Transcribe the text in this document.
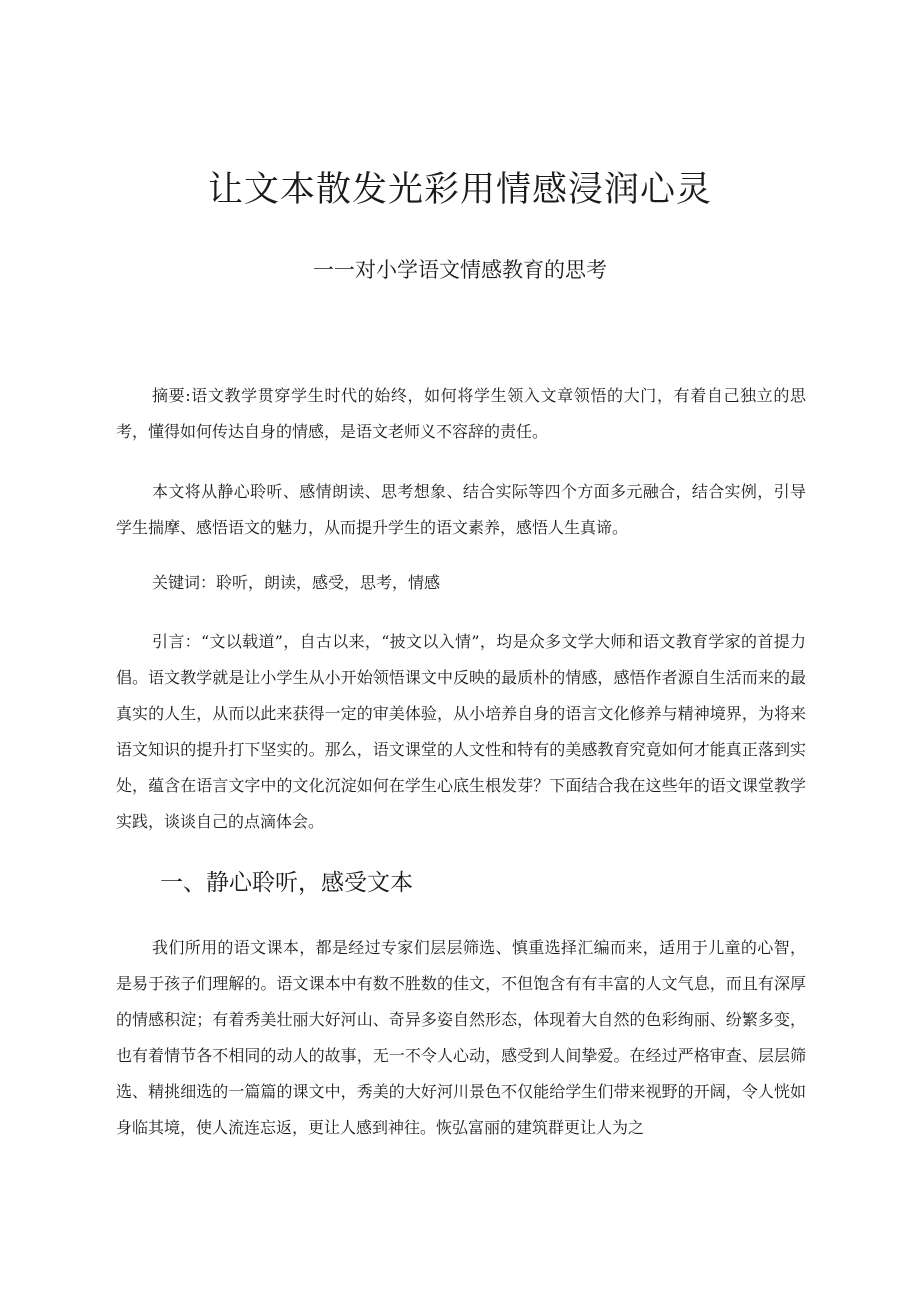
让文本散发光彩用情感浸润心灵
一一对小学语文情感教育的思考

摘要:语文教学贯穿学生时代的始终，如何将学生领入文章领悟的大门，有着自己独立的思考，懂得如何传达自身的情感，是语文老师义不容辞的责任。

本文将从静心聆听、感情朗读、思考想象、结合实际等四个方面多元融合，结合实例，引导学生揣摩、感悟语文的魅力，从而提升学生的语文素养，感悟人生真谛。

关键词：聆听，朗读，感受，思考，情感

引言：“文以载道”，自古以来，“披文以入情”，均是众多文学大师和语文教育学家的首提力倡。语文教学就是让小学生从小开始领悟课文中反映的最质朴的情感，感悟作者源自生活而来的最真实的人生，从而以此来获得一定的审美体验，从小培养自身的语言文化修养与精神境界，为将来语文知识的提升打下坚实的。那么，语文课堂的人文性和特有的美感教育究竟如何才能真正落到实处，蕴含在语言文字中的文化沉淀如何在学生心底生根发芽？下面结合我在这些年的语文课堂教学实践，谈谈自己的点滴体会。

一、静心聆听，感受文本

我们所用的语文课本，都是经过专家们层层筛选、慎重选择汇编而来，适用于儿童的心智，是易于孩子们理解的。语文课本中有数不胜数的佳文，不但饱含有有丰富的人文气息，而且有深厚的情感积淀；有着秀美壮丽大好河山、奇异多姿自然形态，体现着大自然的色彩绚丽、纷繁多变，也有着情节各不相同的动人的故事，无一不令人心动，感受到人间挚爱。在经过严格审查、层层筛选、精挑细选的一篇篇的课文中，秀美的大好河川景色不仅能给学生们带来视野的开阔，令人恍如身临其境，使人流连忘返，更让人感到神往。恢弘富丽的建筑群更让人为之
